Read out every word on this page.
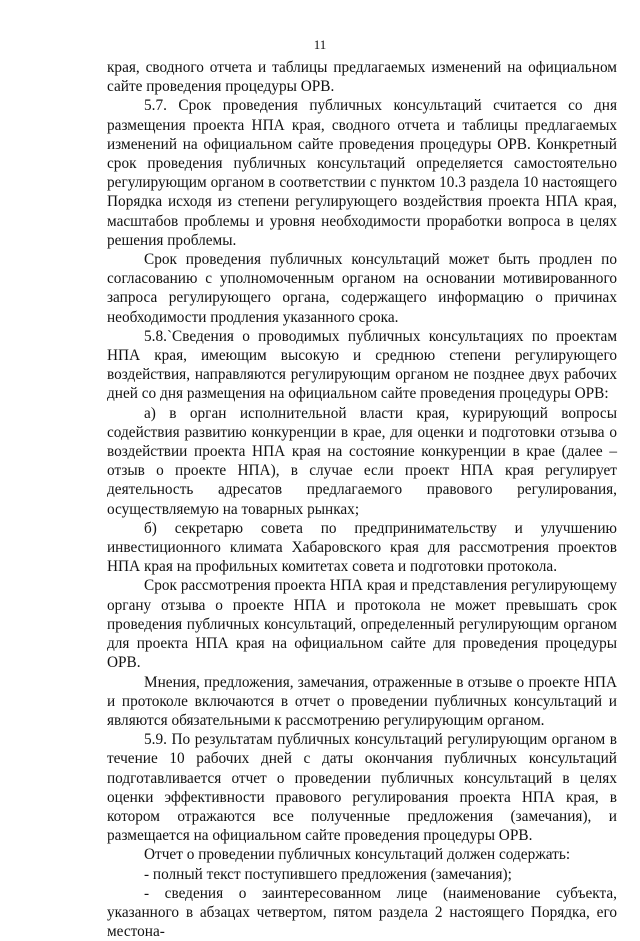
11

края, сводного отчета и таблицы предлагаемых изменений на официальном сайте проведения процедуры ОРВ.

5.7. Срок проведения публичных консультаций считается со дня размещения проекта НПА края, сводного отчета и таблицы предлагаемых изменений на официальном сайте проведения процедуры ОРВ. Конкретный срок проведения публичных консультаций определяется самостоятельно регулирующим органом в соответствии с пунктом 10.3 раздела 10 настоящего Порядка исходя из степени регулирующего воздействия проекта НПА края, масштабов проблемы и уровня необходимости проработки вопроса в целях решения проблемы.

Срок проведения публичных консультаций может быть продлен по согласованию с уполномоченным органом на основании мотивированного запроса регулирующего органа, содержащего информацию о причинах необходимости продления указанного срока.

5.8.`Сведения о проводимых публичных консультациях по проектам НПА края, имеющим высокую и среднюю степени регулирующего воздействия, направляются регулирующим органом не позднее двух рабочих дней со дня размещения на официальном сайте проведения процедуры ОРВ:

а) в орган исполнительной власти края, курирующий вопросы содействия развитию конкуренции в крае, для оценки и подготовки отзыва о воздействии проекта НПА края на состояние конкуренции в крае (далее – отзыв о проекте НПА), в случае если проект НПА края регулирует деятельность адресатов предлагаемого правового регулирования, осуществляемую на товарных рынках;

б) секретарю совета по предпринимательству и улучшению инвестиционного климата Хабаровского края для рассмотрения проектов НПА края на профильных комитетах совета и подготовки протокола.

Срок рассмотрения проекта НПА края и представления регулирующему органу отзыва о проекте НПА и протокола не может превышать срок проведения публичных консультаций, определенный регулирующим органом для проекта НПА края на официальном сайте для проведения процедуры ОРВ.

Мнения, предложения, замечания, отраженные в отзыве о проекте НПА и протоколе включаются в отчет о проведении публичных консультаций и являются обязательными к рассмотрению регулирующим органом.

5.9. По результатам публичных консультаций регулирующим органом в течение 10 рабочих дней с даты окончания публичных консультаций подготавливается отчет о проведении публичных консультаций в целях оценки эффективности правового регулирования проекта НПА края, в котором отражаются все полученные предложения (замечания), и размещается на официальном сайте проведения процедуры ОРВ.

Отчет о проведении публичных консультаций должен содержать:

- полный текст поступившего предложения (замечания);

- сведения о заинтересованном лице (наименование субъекта, указанного в абзацах четвертом, пятом раздела 2 настоящего Порядка, его местона-
